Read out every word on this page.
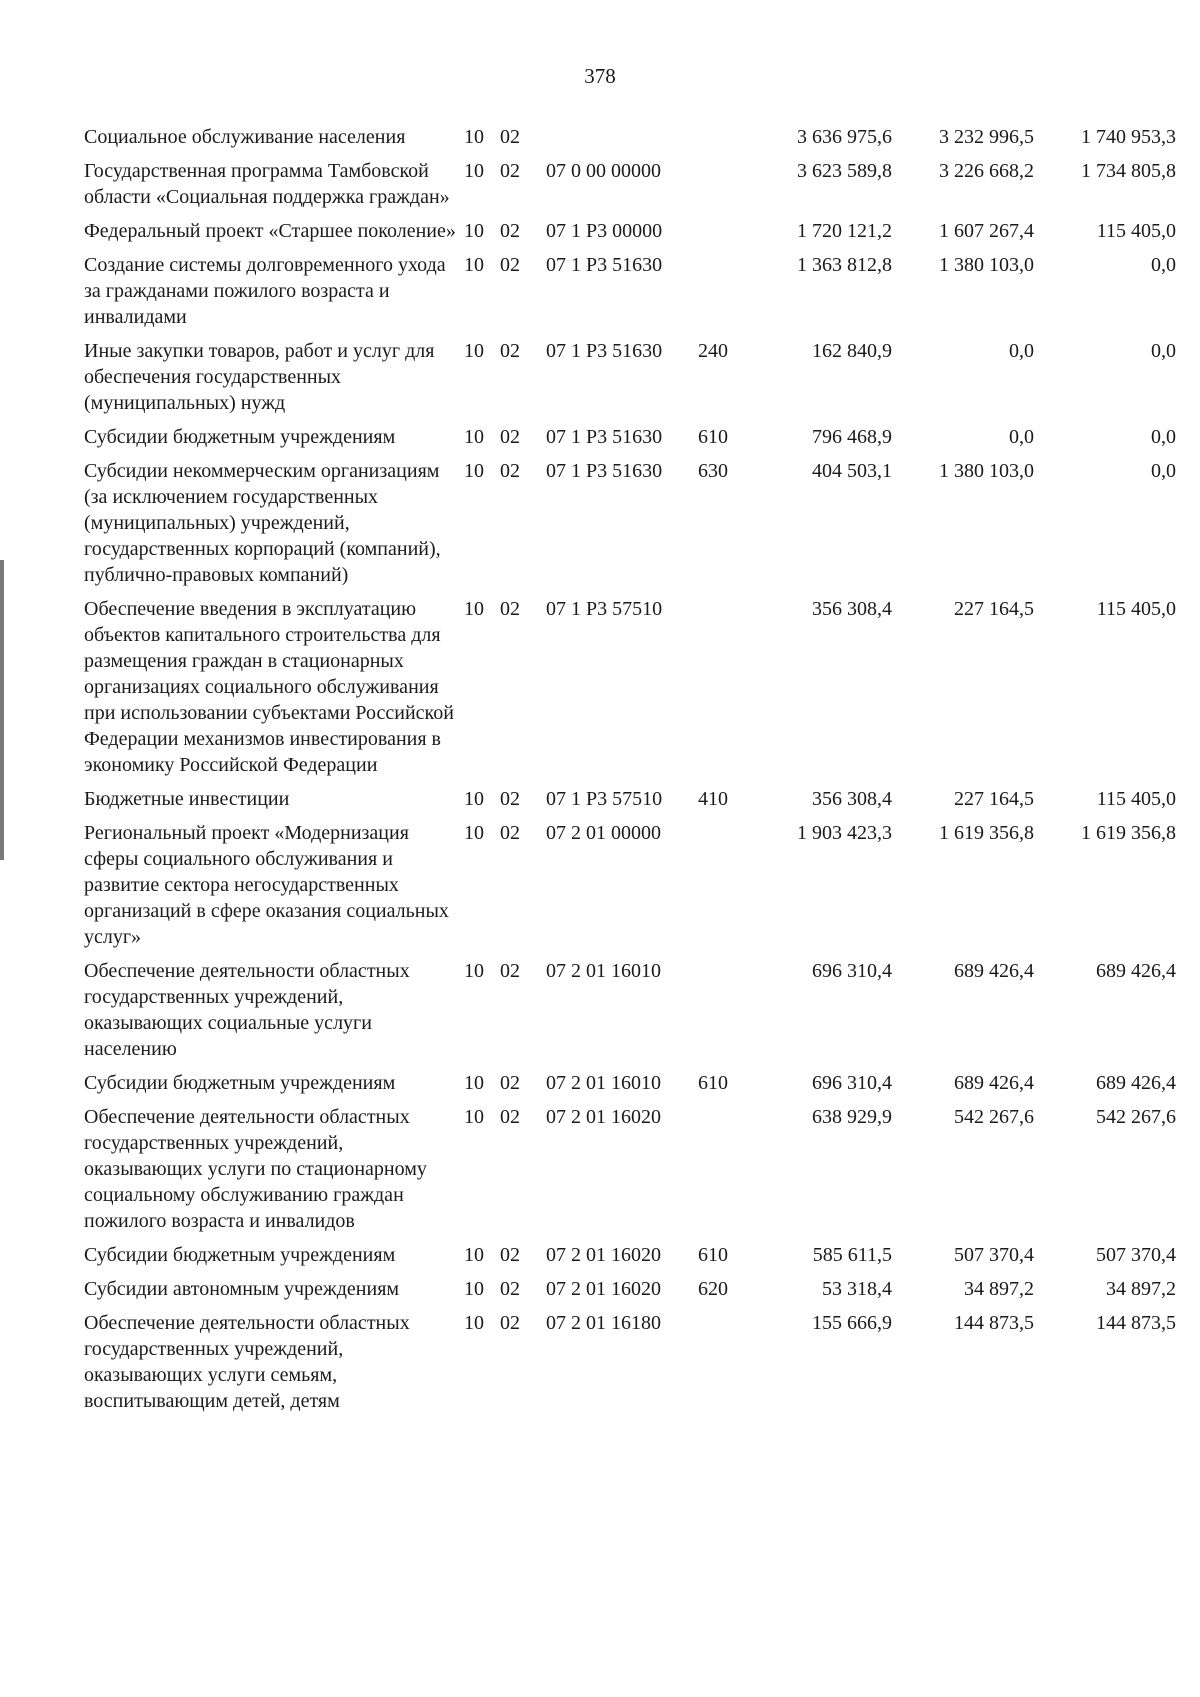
378
Социальное обслуживание населения	10 02			3 636 975,6	3 232 996,5	1 740 953,3
Государственная программа Тамбовской области «Социальная поддержка граждан»	10 02	07 0 00 00000		3 623 589,8	3 226 668,2	1 734 805,8
Федеральный проект «Старшее поколение»	10 02	07 1 P3 00000		1 720 121,2	1 607 267,4	115 405,0
Создание системы долговременного ухода за гражданами пожилого возраста и инвалидами	10 02	07 1 P3 51630		1 363 812,8	1 380 103,0	0,0
Иные закупки товаров, работ и услуг для обеспечения государственных (муниципальных) нужд	10 02	07 1 P3 51630	240	162 840,9	0,0	0,0
Субсидии бюджетным учреждениям	10 02	07 1 P3 51630	610	796 468,9	0,0	0,0
Субсидии некоммерческим организациям (за исключением государственных (муниципальных) учреждений, государственных корпораций (компаний), публично-правовых компаний)	10 02	07 1 P3 51630	630	404 503,1	1 380 103,0	0,0
Обеспечение введения в эксплуатацию объектов капитального строительства для размещения граждан в стационарных организациях социального обслуживания при использовании субъектами Российской Федерации механизмов инвестирования в экономику Российской Федерации	10 02	07 1 P3 57510		356 308,4	227 164,5	115 405,0
Бюджетные инвестиции	10 02	07 1 P3 57510	410	356 308,4	227 164,5	115 405,0
Региональный проект «Модернизация сферы социального обслуживания и развитие сектора негосударственных организаций в сфере оказания социальных услуг»	10 02	07 2 01 00000		1 903 423,3	1 619 356,8	1 619 356,8
Обеспечение деятельности областных государственных учреждений, оказывающих социальные услуги населению	10 02	07 2 01 16010		696 310,4	689 426,4	689 426,4
Субсидии бюджетным учреждениям	10 02	07 2 01 16010	610	696 310,4	689 426,4	689 426,4
Обеспечение деятельности областных государственных учреждений, оказывающих услуги по стационарному социальному обслуживанию граждан пожилого возраста и инвалидов	10 02	07 2 01 16020		638 929,9	542 267,6	542 267,6
Субсидии бюджетным учреждениям	10 02	07 2 01 16020	610	585 611,5	507 370,4	507 370,4
Субсидии автономным учреждениям	10 02	07 2 01 16020	620	53 318,4	34 897,2	34 897,2
Обеспечение деятельности областных государственных учреждений, оказывающих услуги семьям, воспитывающим детей, детям	10 02	07 2 01 16180		155 666,9	144 873,5	144 873,5
